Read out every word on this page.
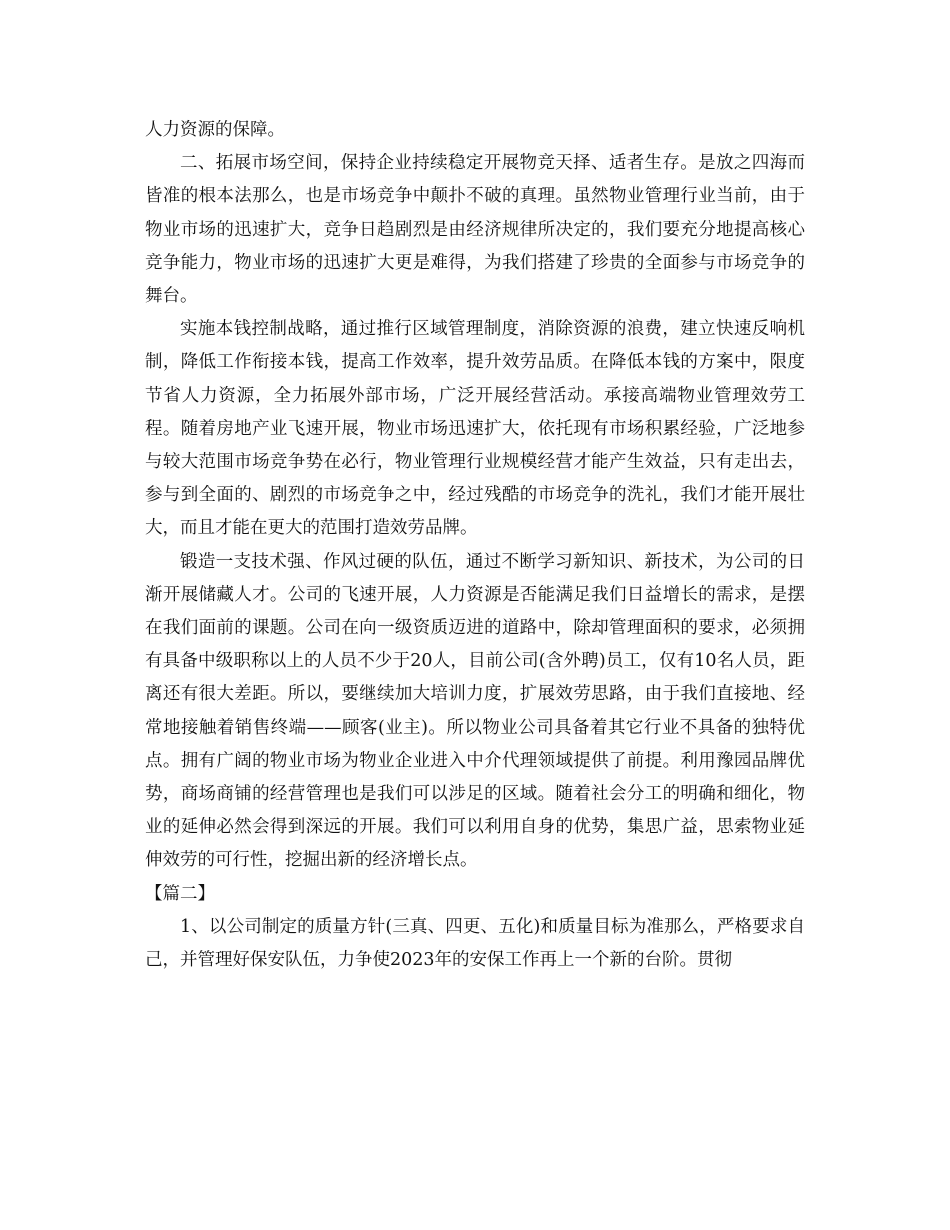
人力资源的保障。

二、拓展市场空间，保持企业持续稳定开展物竞天择、适者生存。是放之四海而皆准的根本法那么，也是市场竞争中颠扑不破的真理。虽然物业管理行业当前，由于物业市场的迅速扩大，竞争日趋剧烈是由经济规律所决定的，我们要充分地提高核心竞争能力，物业市场的迅速扩大更是难得，为我们搭建了珍贵的全面参与市场竞争的舞台。

实施本钱控制战略，通过推行区域管理制度，消除资源的浪费，建立快速反响机制，降低工作衔接本钱，提高工作效率，提升效劳品质。在降低本钱的方案中，限度节省人力资源，全力拓展外部市场，广泛开展经营活动。承接高端物业管理效劳工程。随着房地产业飞速开展，物业市场迅速扩大，依托现有市场积累经验，广泛地参与较大范围市场竞争势在必行，物业管理行业规模经营才能产生效益，只有走出去，参与到全面的、剧烈的市场竞争之中，经过残酷的市场竞争的洗礼，我们才能开展壮大，而且才能在更大的范围打造效劳品牌。

锻造一支技术强、作风过硬的队伍，通过不断学习新知识、新技术，为公司的日渐开展储藏人才。公司的飞速开展，人力资源是否能满足我们日益增长的需求，是摆在我们面前的课题。公司在向一级资质迈进的道路中，除却管理面积的要求，必须拥有具备中级职称以上的人员不少于20人，目前公司(含外聘)员工，仅有10名人员，距离还有很大差距。所以，要继续加大培训力度，扩展效劳思路，由于我们直接地、经常地接触着销售终端——顾客(业主)。所以物业公司具备着其它行业不具备的独特优点。拥有广阔的物业市场为物业企业进入中介代理领域提供了前提。利用豫园品牌优势，商场商铺的经营管理也是我们可以涉足的区域。随着社会分工的明确和细化，物业的延伸必然会得到深远的开展。我们可以利用自身的优势，集思广益，思索物业延伸效劳的可行性，挖掘出新的经济增长点。

【篇二】

1、以公司制定的质量方针(三真、四更、五化)和质量目标为准那么，严格要求自己，并管理好保安队伍，力争使2023年的安保工作再上一个新的台阶。贯彻
